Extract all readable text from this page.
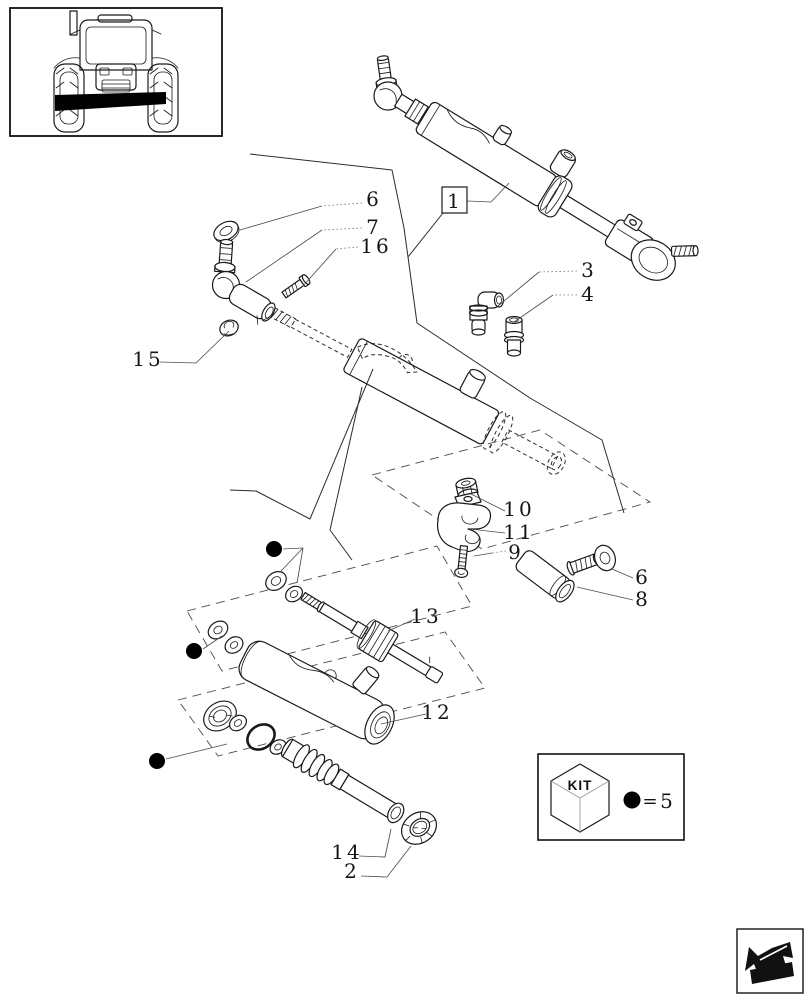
1
6
7
16
15
3
4
10
11
9
6
8
13
12
14
2
KIT
= 5
